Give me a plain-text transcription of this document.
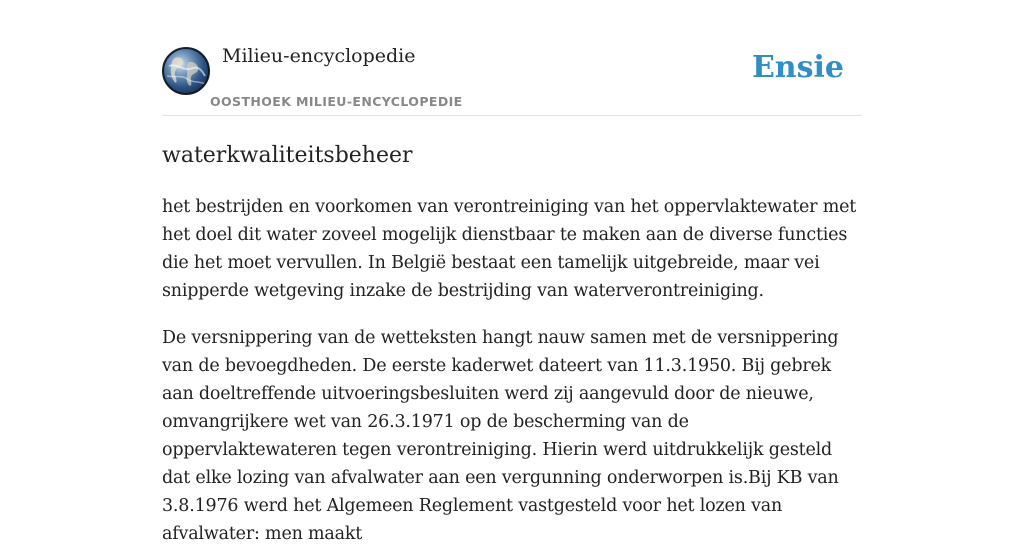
Milieu-encyclopedie
OOSTHOEK MILIEU-ENCYCLOPEDIE
Ensie
waterkwaliteitsbeheer

het bestrijden en voorkomen van verontreiniging van het oppervlaktewater met het doel dit water zoveel mogelijk dienstbaar te maken aan de diverse functies die het moet vervullen. In België bestaat een tamelijk uitgebreide, maar vei snipperde wetgeving inzake de bestrijding van waterverontreiniging.

De versnippering van de wetteksten hangt nauw samen met de versnippering van de bevoegdheden. De eerste kaderwet dateert van 11.3.1950. Bij gebrek aan doeltreffende uitvoeringsbesluiten werd zij aangevuld door de nieuwe, omvangrijkere wet van 26.3.1971 op de bescherming van de oppervlaktewateren tegen verontreiniging. Hierin werd uitdrukkelijk gesteld dat elke lozing van afvalwater aan een vergunning onderworpen is.Bij KB van 3.8.1976 werd het Algemeen Reglement vastgesteld voor het lozen van afvalwater: men maakt
